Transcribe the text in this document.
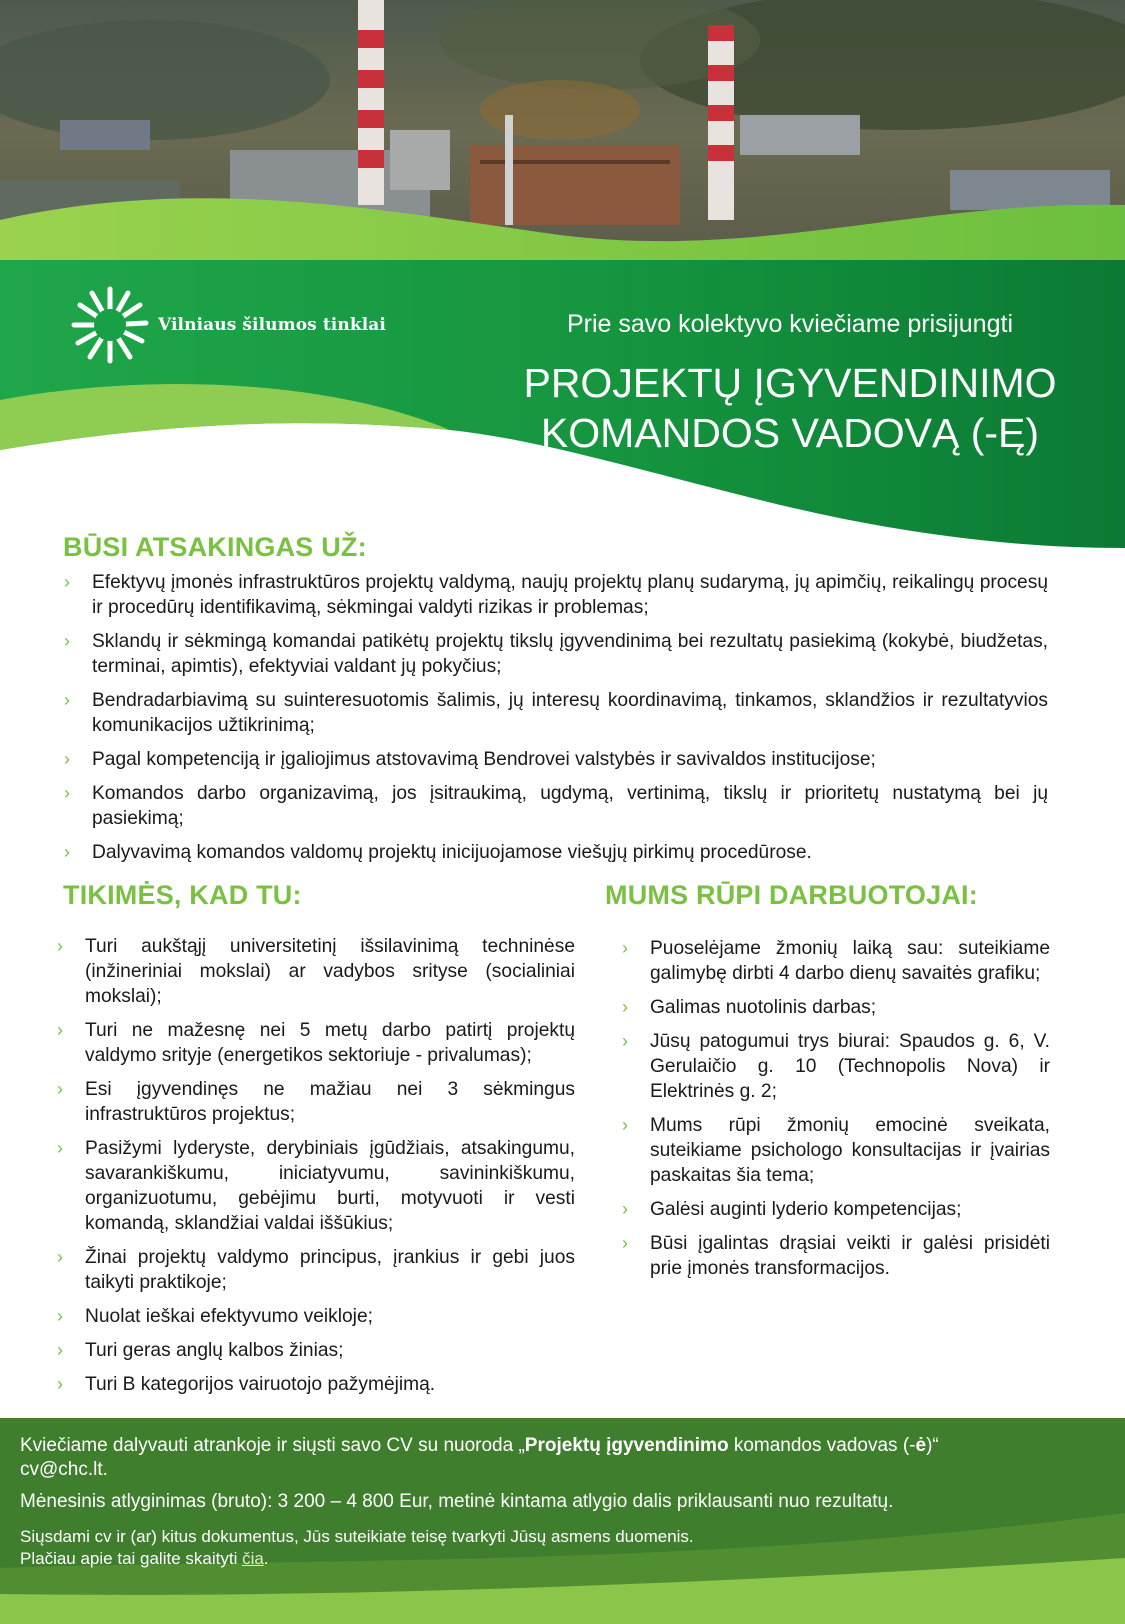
Vilniaus šilumos tinklai	Prie savo kolektyvo kviečiame prisijungti
PROJEKTŲ ĮGYVENDINIMO
KOMANDOS VADOVĄ (-Ę)
BŪSI ATSAKINGAS UŽ:
› Efektyvų įmonės infrastruktūros projektų valdymą, naujų projektų planų sudarymą, jų apimčių, reikalingų procesų ir procedūrų identifikavimą, sėkmingai valdyti rizikas ir problemas;
› Sklandų ir sėkmingą komandai patikėtų projektų tikslų įgyvendinimą bei rezultatų pasiekimą (kokybė, biudžetas, terminai, apimtis), efektyviai valdant jų pokyčius;
› Bendradarbiavimą su suinteresuotomis šalimis, jų interesų koordinavimą, tinkamos, sklandžios ir rezultatyvios komunikacijos užtikrinimą;
› Pagal kompetenciją ir įgaliojimus atstovavimą Bendrovei valstybės ir savivaldos institucijose;
› Komandos darbo organizavimą, jos įsitraukimą, ugdymą, vertinimą, tikslų ir prioritetų nustatymą bei jų pasiekimą;
› Dalyvavimą komandos valdomų projektų inicijuojamose viešųjų pirkimų procedūrose.
TIKIMĖS, KAD TU:
› Turi aukštąjį universitetinį išsilavinimą techninėse (inžineriniai mokslai) ar vadybos srityse (socialiniai mokslai);
› Turi ne mažesnę nei 5 metų darbo patirtį projektų valdymo srityje (energetikos sektoriuje - privalumas);
› Esi įgyvendinęs ne mažiau nei 3 sėkmingus infrastruktūros projektus;
› Pasižymi lyderyste, derybiniais įgūdžiais, atsakingumu, savarankiškumu, iniciatyvumu, savininkiškumu, organizuotumu, gebėjimu burti, motyvuoti ir vesti komandą, sklandžiai valdai iššūkius;
› Žinai projektų valdymo principus, įrankius ir gebi juos taikyti praktikoje;
› Nuolat ieškai efektyvumo veikloje;
› Turi geras anglų kalbos žinias;
› Turi B kategorijos vairuotojo pažymėjimą.
MUMS RŪPI DARBUOTOJAI:
› Puoselėjame žmonių laiką sau: suteikiame galimybę dirbti 4 darbo dienų savaitės grafiku;
› Galimas nuotolinis darbas;
› Jūsų patogumui trys biurai: Spaudos g. 6, V. Gerulaičio g. 10 (Technopolis Nova) ir Elektrinės g. 2;
› Mums rūpi žmonių emocinė sveikata, suteikiame psichologo konsultacijas ir įvairias paskaitas šia tema;
› Galėsi auginti lyderio kompetencijas;
› Būsi įgalintas drąsiai veikti ir galėsi prisidėti prie įmonės transformacijos.
Kviečiame dalyvauti atrankoje ir siųsti savo CV su nuoroda „Projektų įgyvendinimo komandos vadovas (-ė)“
cv@chc.lt.
Mėnesinis atlyginimas (bruto): 3 200 – 4 800 Eur, metinė kintama atlygio dalis priklausanti nuo rezultatų.
Siųsdami cv ir (ar) kitus dokumentus, Jūs suteikiate teisę tvarkyti Jūsų asmens duomenis.
Plačiau apie tai galite skaityti čia.
